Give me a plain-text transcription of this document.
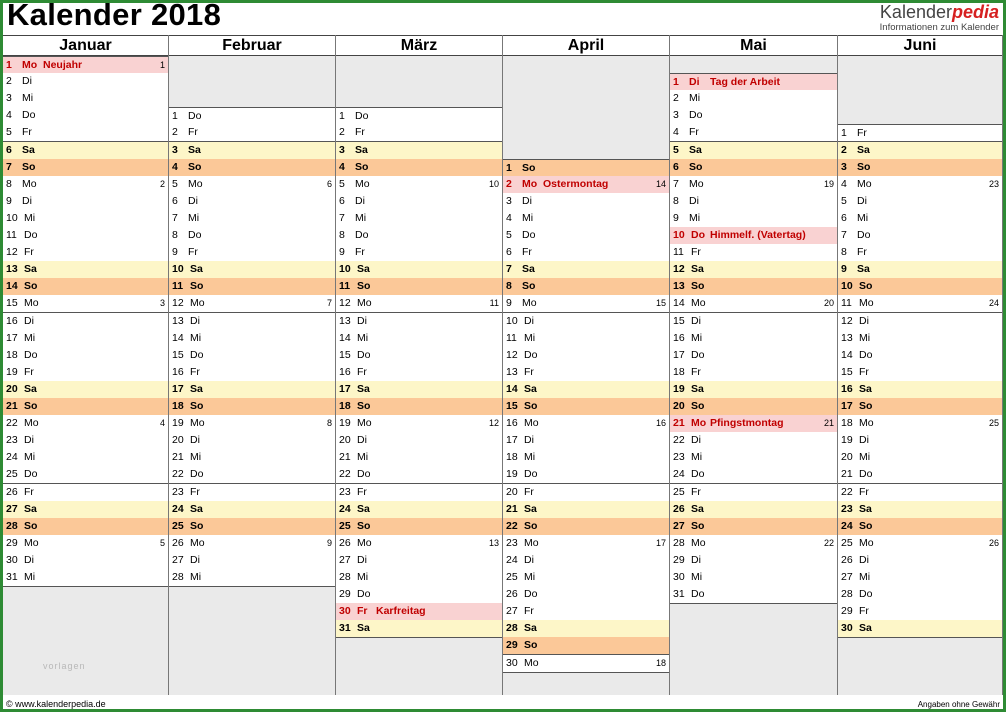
Kalender 2018	Kalenderpedia
Informationen zum Kalender
Januar
1 Mo Neujahr	1
2 Di
3 Mi
4 Do
5 Fr
6 Sa
7 So
8 Mo	2
9 Di
10 Mi
11 Do
12 Fr
13 Sa
14 So
15 Mo	3
16 Di
17 Mi
18 Do
19 Fr
20 Sa
21 So
22 Mo	4
23 Di
24 Mi
25 Do
26 Fr
27 Sa
28 So
29 Mo	5
30 Di
31 Mi
Februar
1 Do
2 Fr
3 Sa
4 So
5 Mo	6
6 Di
7 Mi
8 Do
9 Fr
10 Sa
11 So
12 Mo	7
13 Di
14 Mi
15 Do
16 Fr
17 Sa
18 So
19 Mo	8
20 Di
21 Mi
22 Do
23 Fr
24 Sa
25 So
26 Mo	9
27 Di
28 Mi
März
1 Do
2 Fr
3 Sa
4 So
5 Mo	10
6 Di
7 Mi
8 Do
9 Fr
10 Sa
11 So
12 Mo	11
13 Di
14 Mi
15 Do
16 Fr
17 Sa
18 So
19 Mo	12
20 Di
21 Mi
22 Do
23 Fr
24 Sa
25 So
26 Mo	13
27 Di
28 Mi
29 Do
30 Fr Karfreitag
31 Sa
April
1 So
2 Mo Ostermontag	14
3 Di
4 Mi
5 Do
6 Fr
7 Sa
8 So
9 Mo	15
10 Di
11 Mi
12 Do
13 Fr
14 Sa
15 So
16 Mo	16
17 Di
18 Mi
19 Do
20 Fr
21 Sa
22 So
23 Mo	17
24 Di
25 Mi
26 Do
27 Fr
28 Sa
29 So
30 Mo	18
Mai
1 Di Tag der Arbeit
2 Mi
3 Do
4 Fr
5 Sa
6 So
7 Mo	19
8 Di
9 Mi
10 Do Himmelf. (Vatertag)
11 Fr
12 Sa
13 So
14 Mo	20
15 Di
16 Mi
17 Do
18 Fr
19 Sa
20 So
21 Mo Pfingstmontag	21
22 Di
23 Mi
24 Do
25 Fr
26 Sa
27 So
28 Mo	22
29 Di
30 Mi
31 Do
Juni
1 Fr
2 Sa
3 So
4 Mo	23
5 Di
6 Mi
7 Do
8 Fr
9 Sa
10 So
11 Mo	24
12 Di
13 Mi
14 Do
15 Fr
16 Sa
17 So
18 Mo	25
19 Di
20 Mi
21 Do
22 Fr
23 Sa
24 So
25 Mo	26
26 Di
27 Mi
28 Do
29 Fr
30 Sa
vorlagen
© www.kalenderpedia.de	Angaben ohne Gewähr
